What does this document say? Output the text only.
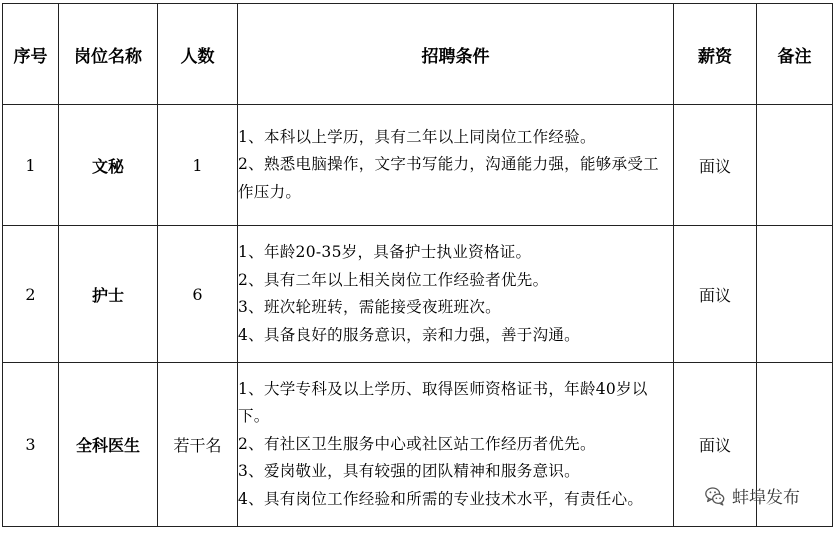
序号	岗位名称	人数	招聘条件	薪资	备注
1	文秘	1	1、本科以上学历，具有二年以上同岗位工作经验。
2、熟悉电脑操作，文字书写能力，沟通能力强，能够承受工作压力。	面议	
2	护士	6	1、年龄20-35岁，具备护士执业资格证。
2、具有二年以上相关岗位工作经验者优先。
3、班次轮班转，需能接受夜班班次。
4、具备良好的服务意识，亲和力强，善于沟通。	面议	
3	全科医生	若干名	1、大学专科及以上学历、取得医师资格证书，年龄40岁以下。
2、有社区卫生服务中心或社区站工作经历者优先。
3、爱岗敬业，具有较强的团队精神和服务意识。
4、具有岗位工作经验和所需的专业技术水平，有责任心。	面议	
蚌埠发布
